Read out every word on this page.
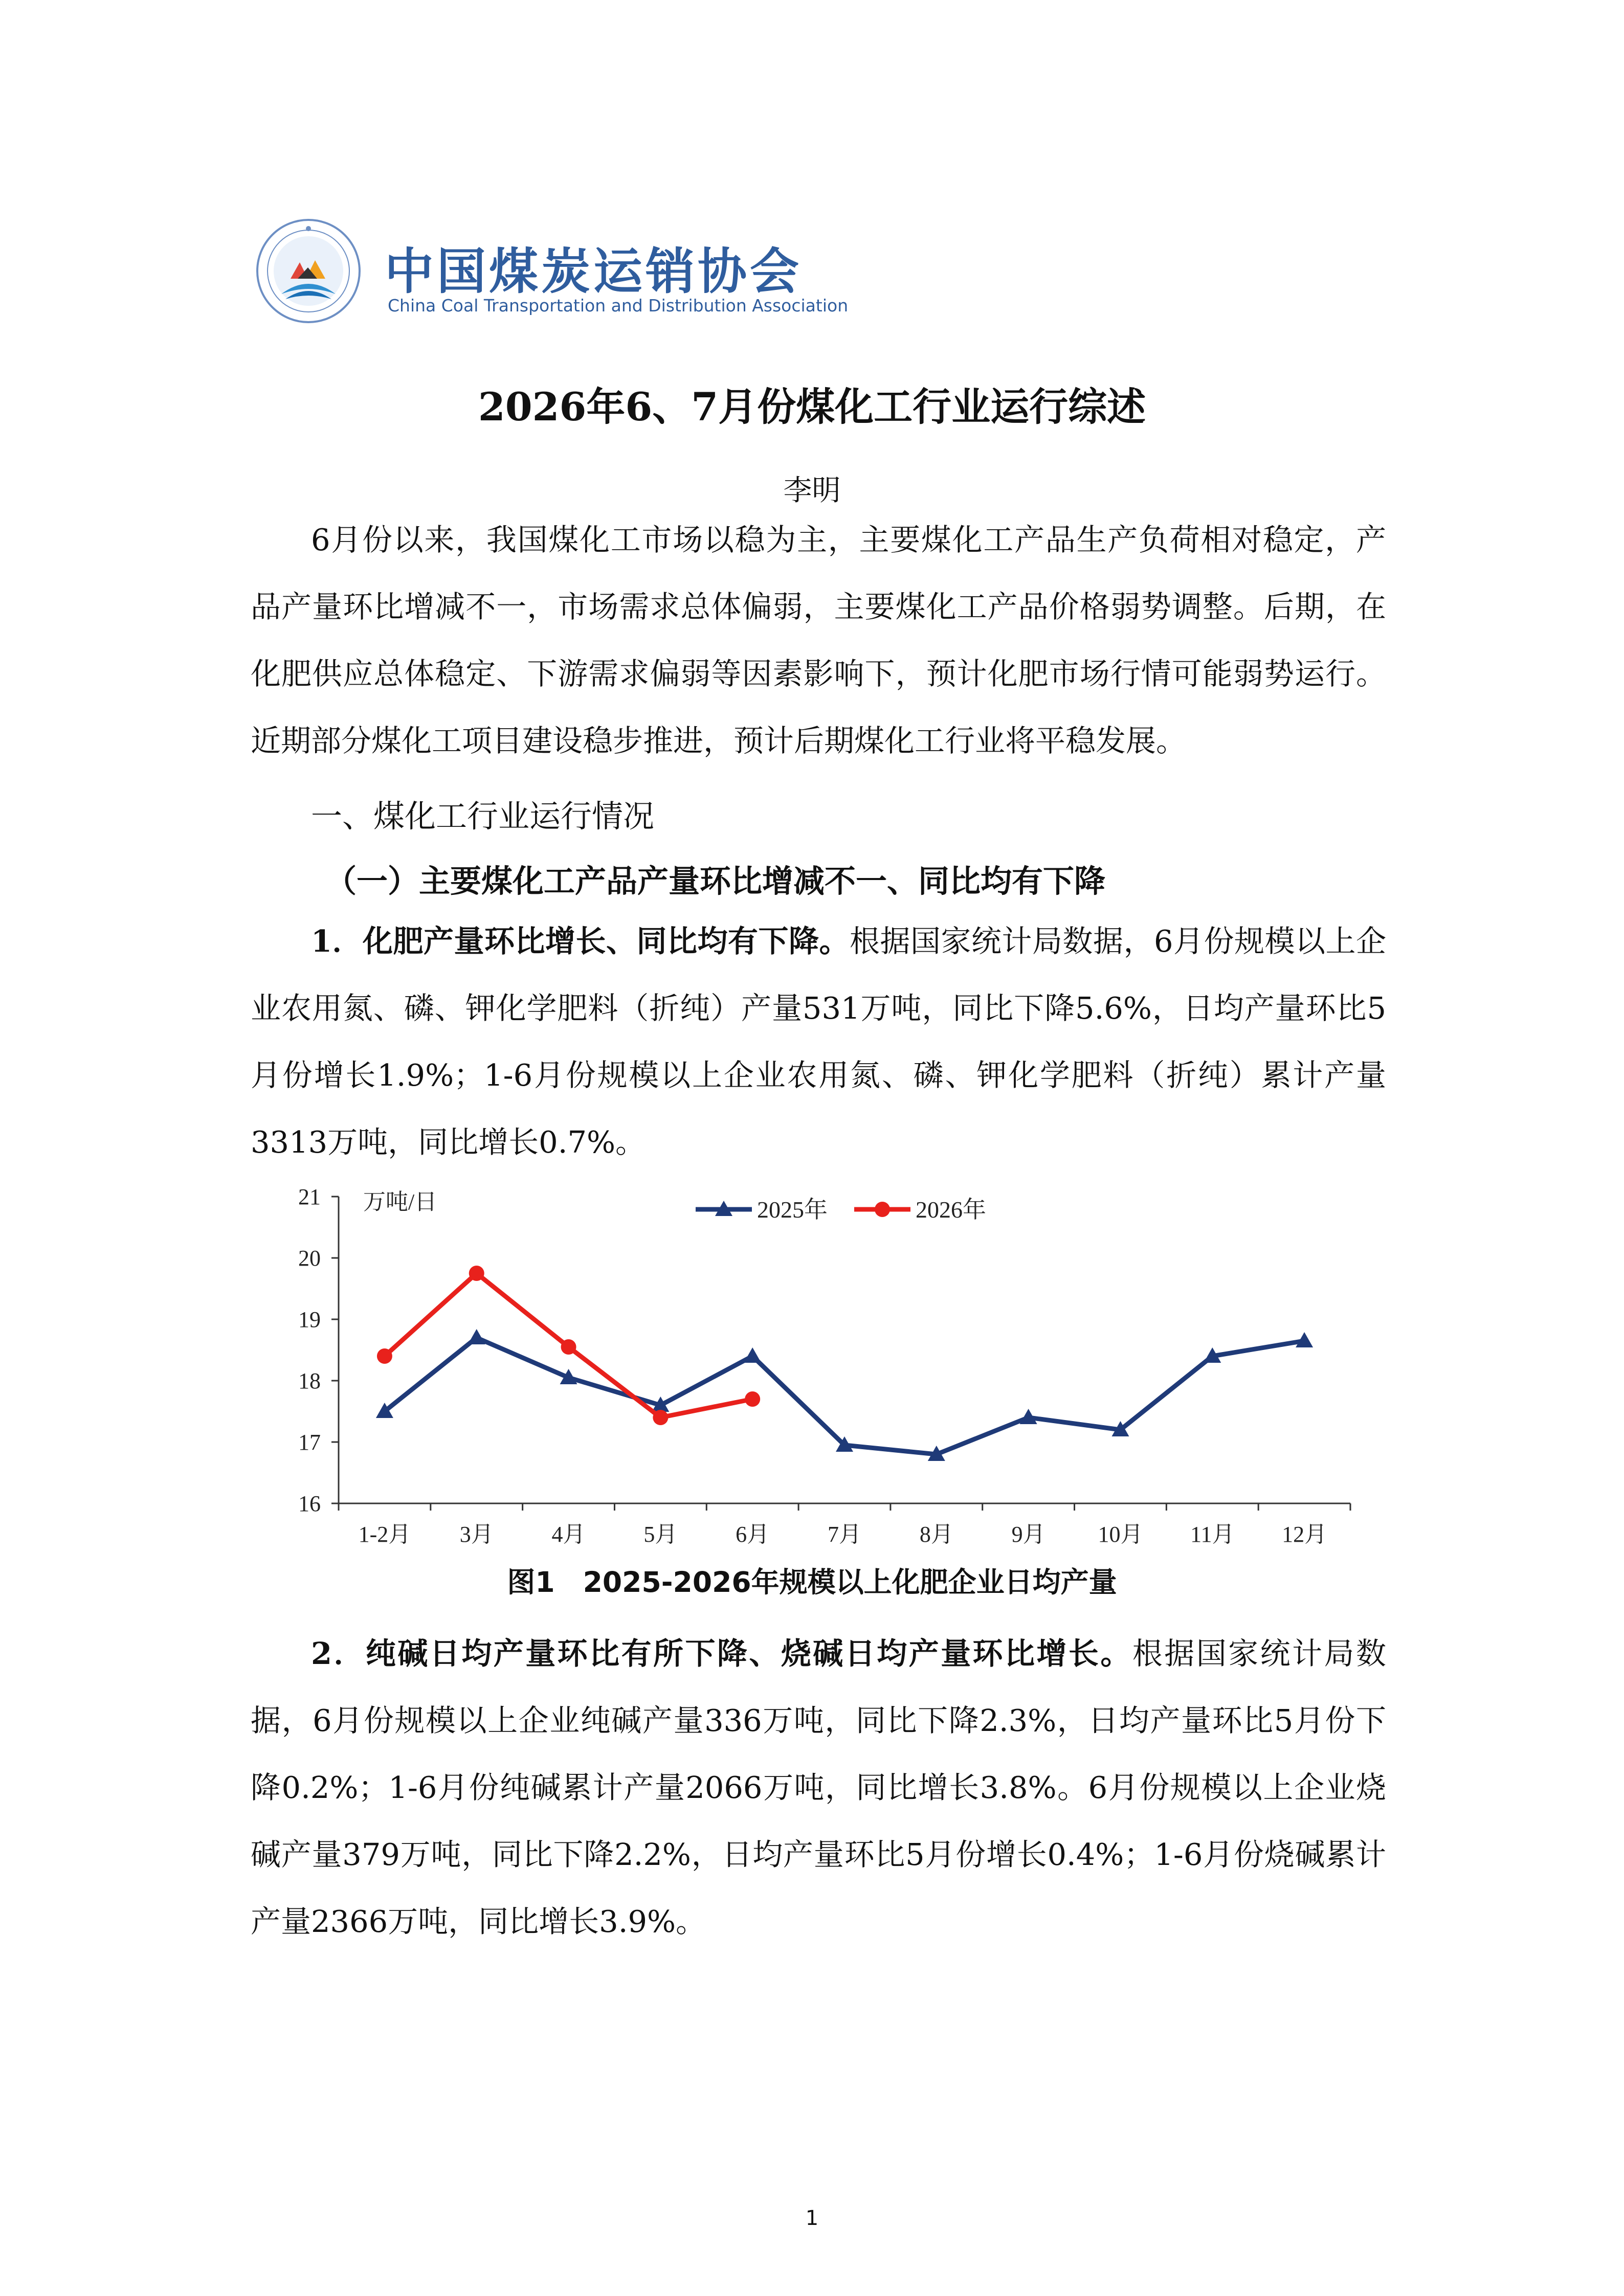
中国煤炭运销协会
China Coal Transportation and Distribution Association
2026年6、7月份煤化工行业运行综述
李明

6月份以来，我国煤化工市场以稳为主，主要煤化工产品生产负荷相对稳定，产品产量环比增减不一，市场需求总体偏弱，主要煤化工产品价格弱势调整。后期，在化肥供应总体稳定、下游需求偏弱等因素影响下，预计化肥市场行情可能弱势运行。近期部分煤化工项目建设稳步推进，预计后期煤化工行业将平稳发展。

一、煤化工行业运行情况
（一）主要煤化工产品产量环比增减不一、同比均有下降

1．化肥产量环比增长、同比均有下降。根据国家统计局数据，6月份规模以上企业农用氮、磷、钾化学肥料（折纯）产量531万吨，同比下降5.6%，日均产量环比5月份增长1.9%；1-6月份规模以上企业农用氮、磷、钾化学肥料（折纯）累计产量3313万吨，同比增长0.7%。

16
17
18
19
20
21
1-2月 3月	4月	5月	6月	7月	8月	9月 10月 11月 12月
2025年	2026年
万吨/日
图1　2025-2026年规模以上化肥企业日均产量

2．纯碱日均产量环比有所下降、烧碱日均产量环比增长。根据国家统计局数据，6月份规模以上企业纯碱产量336万吨，同比下降2.3%，日均产量环比5月份下降0.2%；1-6月份纯碱累计产量2066万吨，同比增长3.8%。6月份规模以上企业烧碱产量379万吨，同比下降2.2%，日均产量环比5月份增长0.4%；1-6月份烧碱累计产量2366万吨，同比增长3.9%。

1
